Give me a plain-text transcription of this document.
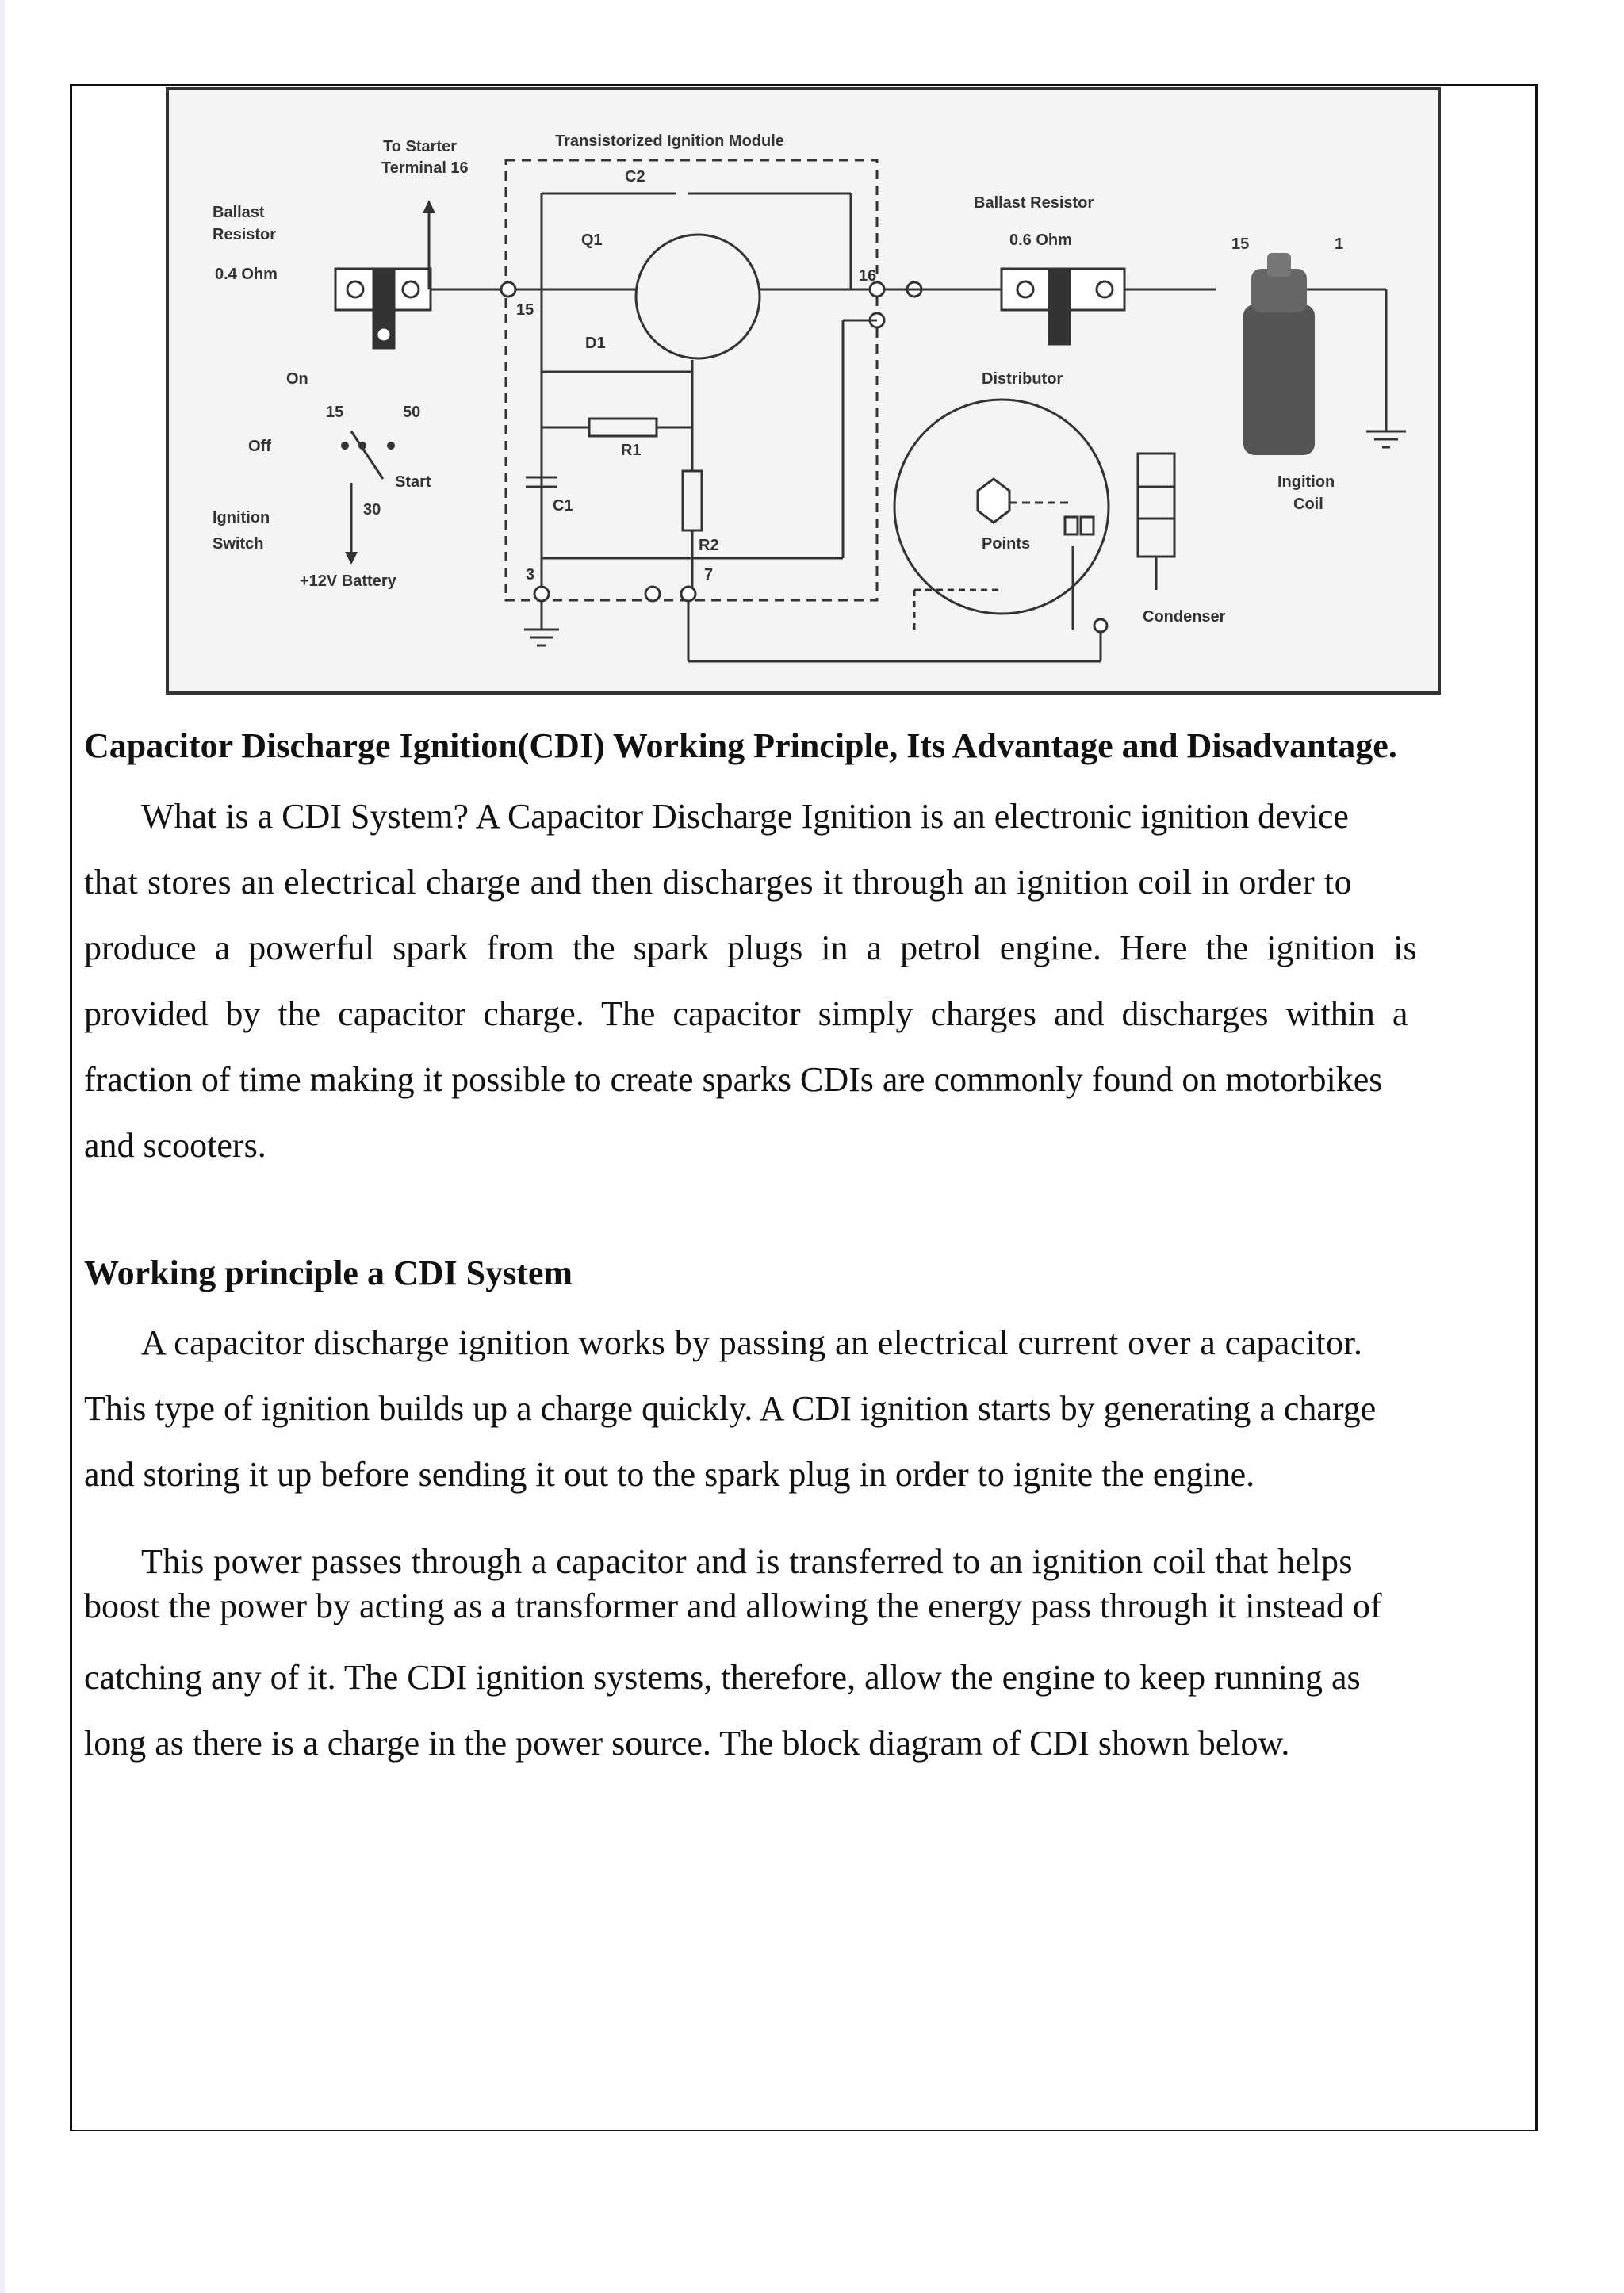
To Starter
Terminal 16
Transistorized Ignition Module
C2
Ballast
Resistor
0.4 Ohm
Ballast Resistor
0.6 Ohm
Q1
D1
R1
R2
C1
15
16
3	7
15	1
On
Off
Start
15	50
30
Ignition
Switch
+12V Battery
Distributor
Points
Condenser
Ingition
Coil
Capacitor Discharge Ignition(CDI) Working Principle, Its Advantage and Disadvantage.

What is a CDI System? A Capacitor Discharge Ignition is an electronic ignition device

that stores an electrical charge and then discharges it through an ignition coil in order to

produce a powerful spark from the spark plugs in a petrol engine. Here the ignition is

provided by the capacitor charge. The capacitor simply charges and discharges within a

fraction of time making it possible to create sparks CDIs are commonly found on motorbikes

and scooters.

Working principle a CDI System

A capacitor discharge ignition works by passing an electrical current over a capacitor.

This type of ignition builds up a charge quickly. A CDI ignition starts by generating a charge

and storing it up before sending it out to the spark plug in order to ignite the engine.

This power passes through a capacitor and is transferred to an ignition coil that helps

boost the power by acting as a transformer and allowing the energy pass through it instead of

catching any of it. The CDI ignition systems, therefore, allow the engine to keep running as

long as there is a charge in the power source. The block diagram of CDI shown below.
